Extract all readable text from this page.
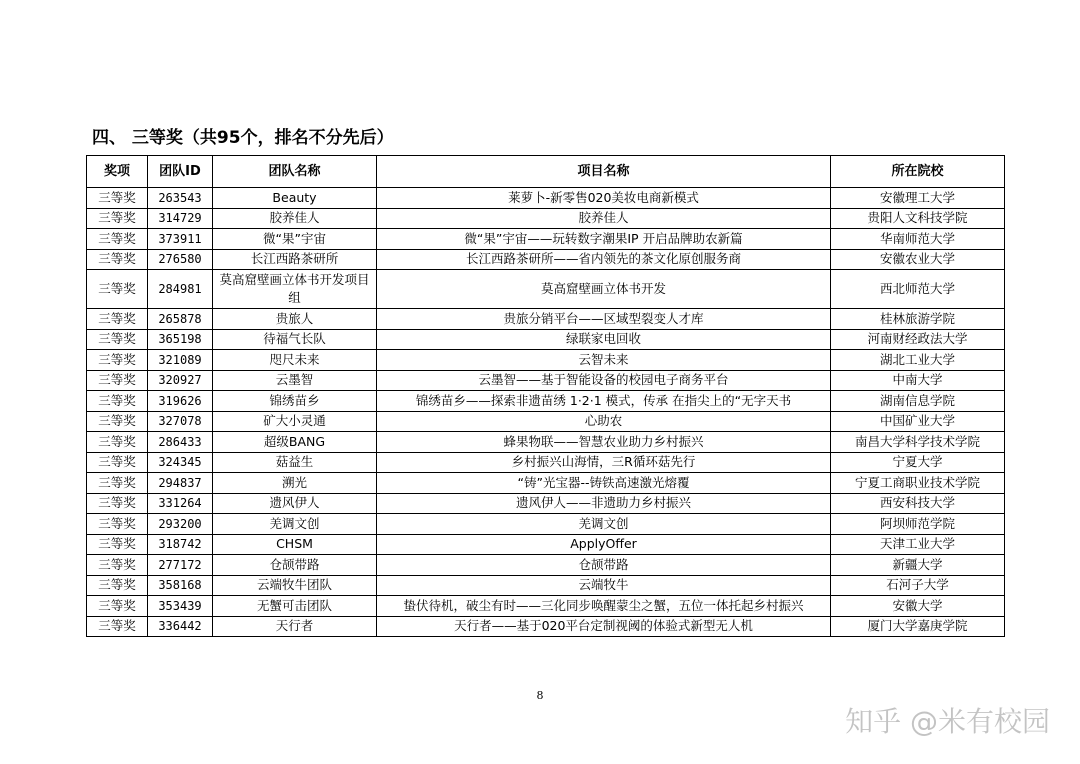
四、 三等奖（共95个，排名不分先后）
奖项	团队ID	团队名称	项目名称	所在院校
三等奖	263543	Beauty	莱萝卜-新零售020美妆电商新模式	安徽理工大学
三等奖	314729	胶养佳人	胶养佳人	贵阳人文科技学院
三等奖	373911	微“果”宇宙	微“果”宇宙——玩转数字潮果IP 开启品牌助农新篇	华南师范大学
三等奖	276580	长江西路茶研所	长江西路茶研所——省内领先的茶文化原创服务商	安徽农业大学
三等奖	284981	莫高窟壁画立体书开发项目组	莫高窟壁画立体书开发	西北师范大学
三等奖	265878	贵旅人	贵旅分销平台——区域型裂变人才库	桂林旅游学院
三等奖	365198	待福气长队	绿联家电回收	河南财经政法大学
三等奖	321089	咫尺未来	云智未来	湖北工业大学
三等奖	320927	云墨智	云墨智——基于智能设备的校园电子商务平台	中南大学
三等奖	319626	锦绣苗乡	锦绣苗乡——探索非遗苗绣 1·2·1 模式，传承 在指尖上的“无字天书	湖南信息学院
三等奖	327078	矿大小灵通	心助农	中国矿业大学
三等奖	286433	超级BANG	蜂果物联——智慧农业助力乡村振兴	南昌大学科学技术学院
三等奖	324345	菇益生	乡村振兴山海情，三R循环菇先行	宁夏大学
三等奖	294837	溯光	“铸”光宝器--铸铁高速激光熔覆	宁夏工商职业技术学院
三等奖	331264	遗风伊人	遗风伊人——非遗助力乡村振兴	西安科技大学
三等奖	293200	羌调文创	羌调文创	阿坝师范学院
三等奖	318742	CHSM	ApplyOffer	天津工业大学
三等奖	277172	仓颉带路	仓颉带路	新疆大学
三等奖	358168	云端牧牛团队	云端牧牛	石河子大学
三等奖	353439	无蟹可击团队	蛰伏待机，破尘有时——三化同步唤醒蒙尘之蟹，五位一体托起乡村振兴	安徽大学
三等奖	336442	天行者	天行者——基于020平台定制视阈的体验式新型无人机	厦门大学嘉庚学院
8
知乎 @米有校园
